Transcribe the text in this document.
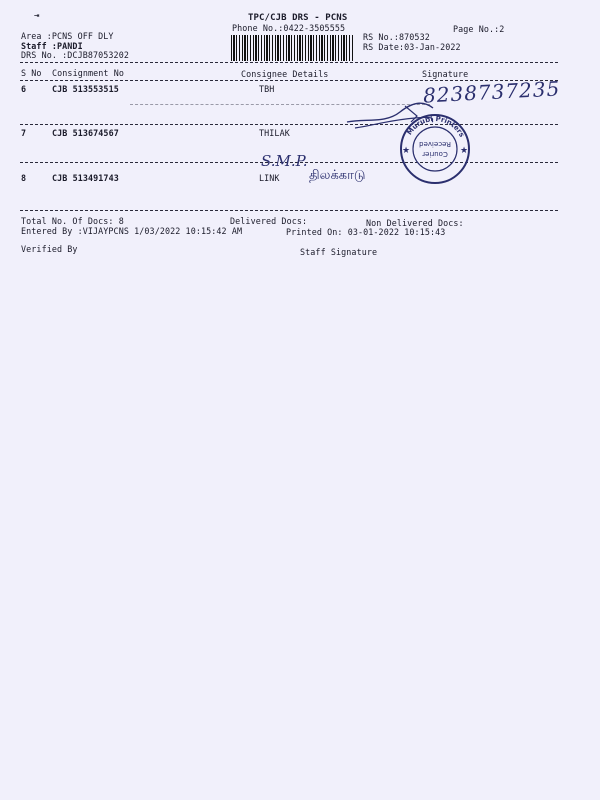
⇥	TPC/CJB DRS - PCNS
Phone No.:0422-3505555	Page No.:2
Area :PCNS OFF DLY
Staff :PANDI
DRS No. :DCJB87053202
RS No.:870532
RS Date:03-Jan-2022
S No Consignment No	Consignee Details	Signature
6	CJB 513553515	TBH
7	CJB 513674567	THILAK
8	CJB 513491743	LINK
8238737235
S.M.P.
திலக்காடு
★	★
Murubi Printers
Courier
Received
Total No. Of Docs: 8	Delivered Docs:	Non Delivered Docs:
Entered By :VIJAYPCNS 1/03/2022 10:15:42 AM	Printed On: 03-01-2022 10:15:43
Verified By	Staff Signature
